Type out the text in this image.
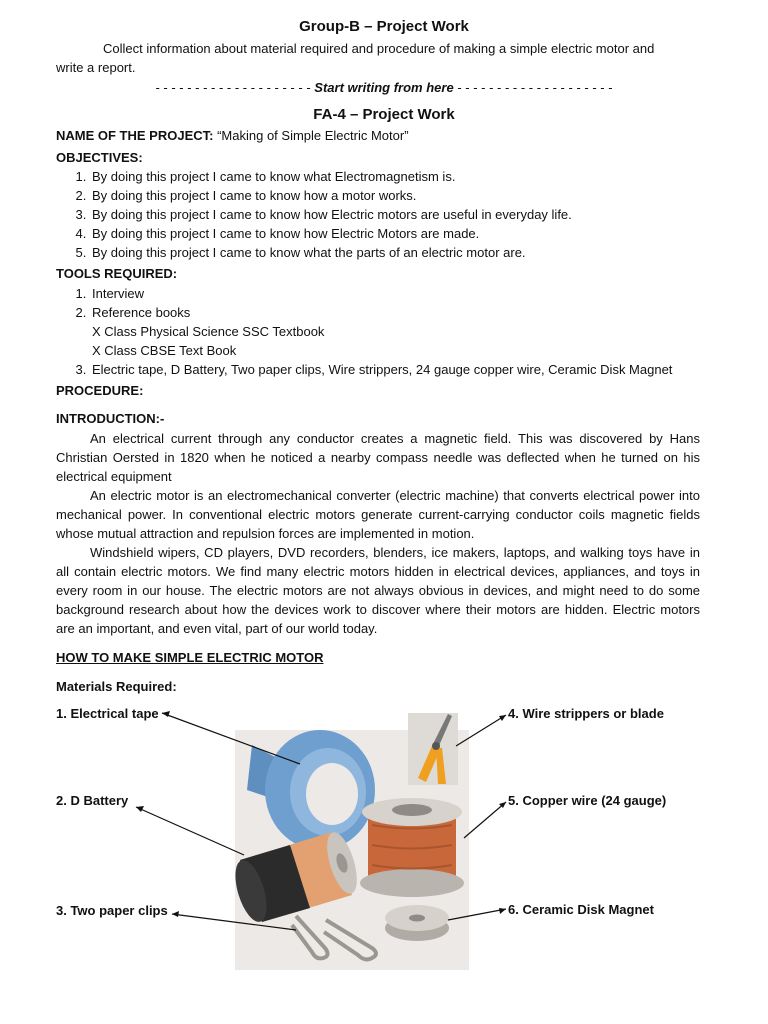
Group-B – Project Work
Collect information about material required and procedure of making a simple electric motor and
write a report.
- - - - - - - - - - - - - - - - - - - - Start writing from here - - - - - - - - - - - - - - - - - - - -
FA-4 – Project Work
NAME OF THE PROJECT: “Making of Simple Electric Motor”
OBJECTIVES:
1. By doing this project I came to know what Electromagnetism is.
2. By doing this project I came to know how a motor works.
3. By doing this project I came to know how Electric motors are useful in everyday life.
4. By doing this project I came to know how Electric Motors are made.
5. By doing this project I came to know what the parts of an electric motor are.
TOOLS REQUIRED:
1. Interview
2. Reference books
X Class Physical Science SSC Textbook
X Class CBSE Text Book
3. Electric tape, D Battery, Two paper clips, Wire strippers, 24 gauge copper wire, Ceramic Disk Magnet
PROCEDURE:
INTRODUCTION:-
An electrical current through any conductor creates a magnetic field. This was discovered by Hans Christian Oersted in 1820 when he noticed a nearby compass needle was deflected when he turned on his electrical equipment
An electric motor is an electromechanical converter (electric machine) that converts electrical power into mechanical power. In conventional electric motors generate current-carrying conductor coils magnetic fields whose mutual attraction and repulsion forces are implemented in motion.
Windshield wipers, CD players, DVD recorders, blenders, ice makers, laptops, and walking toys have in all contain electric motors. We find many electric motors hidden in electrical devices, appliances, and toys in every room in our house. The electric motors are not always obvious in devices, and might need to do some background research about how the devices work to discover where their motors are hidden. Electric motors are an important, and even vital, part of our world today.
HOW TO MAKE SIMPLE ELECTRIC MOTOR
Materials Required:
1. Electrical tape
2. D Battery
3. Two paper clips
4. Wire strippers or blade
5. Copper wire (24 gauge)
6. Ceramic Disk Magnet
